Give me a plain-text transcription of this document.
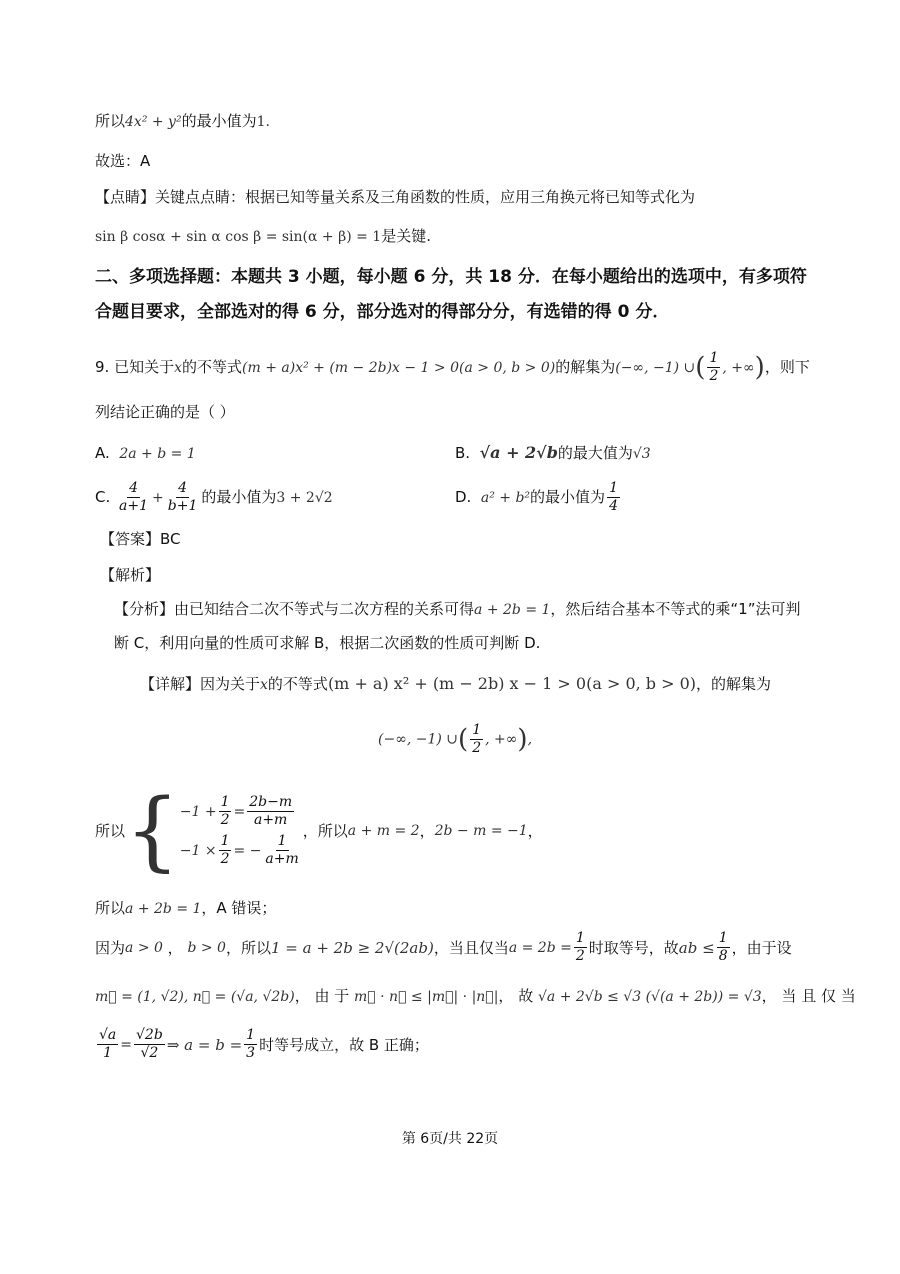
所以4x² + y²的最小值为1.
故选：A
【点睛】关键点点睛：根据已知等量关系及三角函数的性质，应用三角换元将已知等式化为
sin β cosα + sin α cos β = sin(α + β) = 1是关键.
二、多项选择题：本题共 3 小题，每小题 6 分，共 18 分．在每小题给出的选项中，有多项符
合题目要求，全部选对的得 6 分，部分选对的得部分分，有选错的得 0 分．
9. 已知关于x的不等式(m + a)x² + (m − 2b)x − 1 > 0(a > 0, b > 0)的解集为(−∞, −1) ∪( $\frac{1}{2}$ , +∞)，则下
列结论正确的是（ ）
A. 2a + b = 1	B. √a + 2√b的最大值为√3
C. $\frac{4}{a+1} + \frac{4}{b+1}$ 的最小值为3 + 2√2	D. a² + b²的最小值为 $\frac{1}{4}$
【答案】BC
【解析】
【分析】由已知结合二次不等式与二次方程的关系可得a + 2b = 1，然后结合基本不等式的乘“1”法可判
断 C，利用向量的性质可求解 B，根据二次函数的性质可判断 D.
【详解】因为关于x的不等式(m + a) x² + (m − 2b) x − 1 > 0(a > 0, b > 0)，的解集为
(−∞, −1) ∪( $\frac{1}{2}$ , +∞),
所以 { $-1 + \frac{1}{2} = \frac{2b-m}{a+m}$
$-1 \times \frac{1}{2}$ = − $\frac{1}{a+m}$
，所以 a + m = 2 ， 2b − m = −1 ，
所以a + 2b = 1，A 错误；
因为 a > 0 ， b > 0 ，所以 1 = a + 2b ≥ 2√(2ab) ，当且仅当 $a = 2b = \frac{1}{2}$ 时取等号，故 ab ≤ $\frac{1}{8}$ ，由于设
m⃗ = (1, √2), n⃗ = (√a, √2b)， 由 于 m⃗ · n⃗ ≤ |m⃗| · |n⃗|， 故 √a + 2√b ≤ √3 (√(a + 2b)) = √3， 当 且 仅 当
$\frac{√a}{1} = \frac{√2b}{√2}$ ⇒ $a = b = \frac{1}{3}$ 时等号成立，故 B 正确；
第 6页/共 22页
